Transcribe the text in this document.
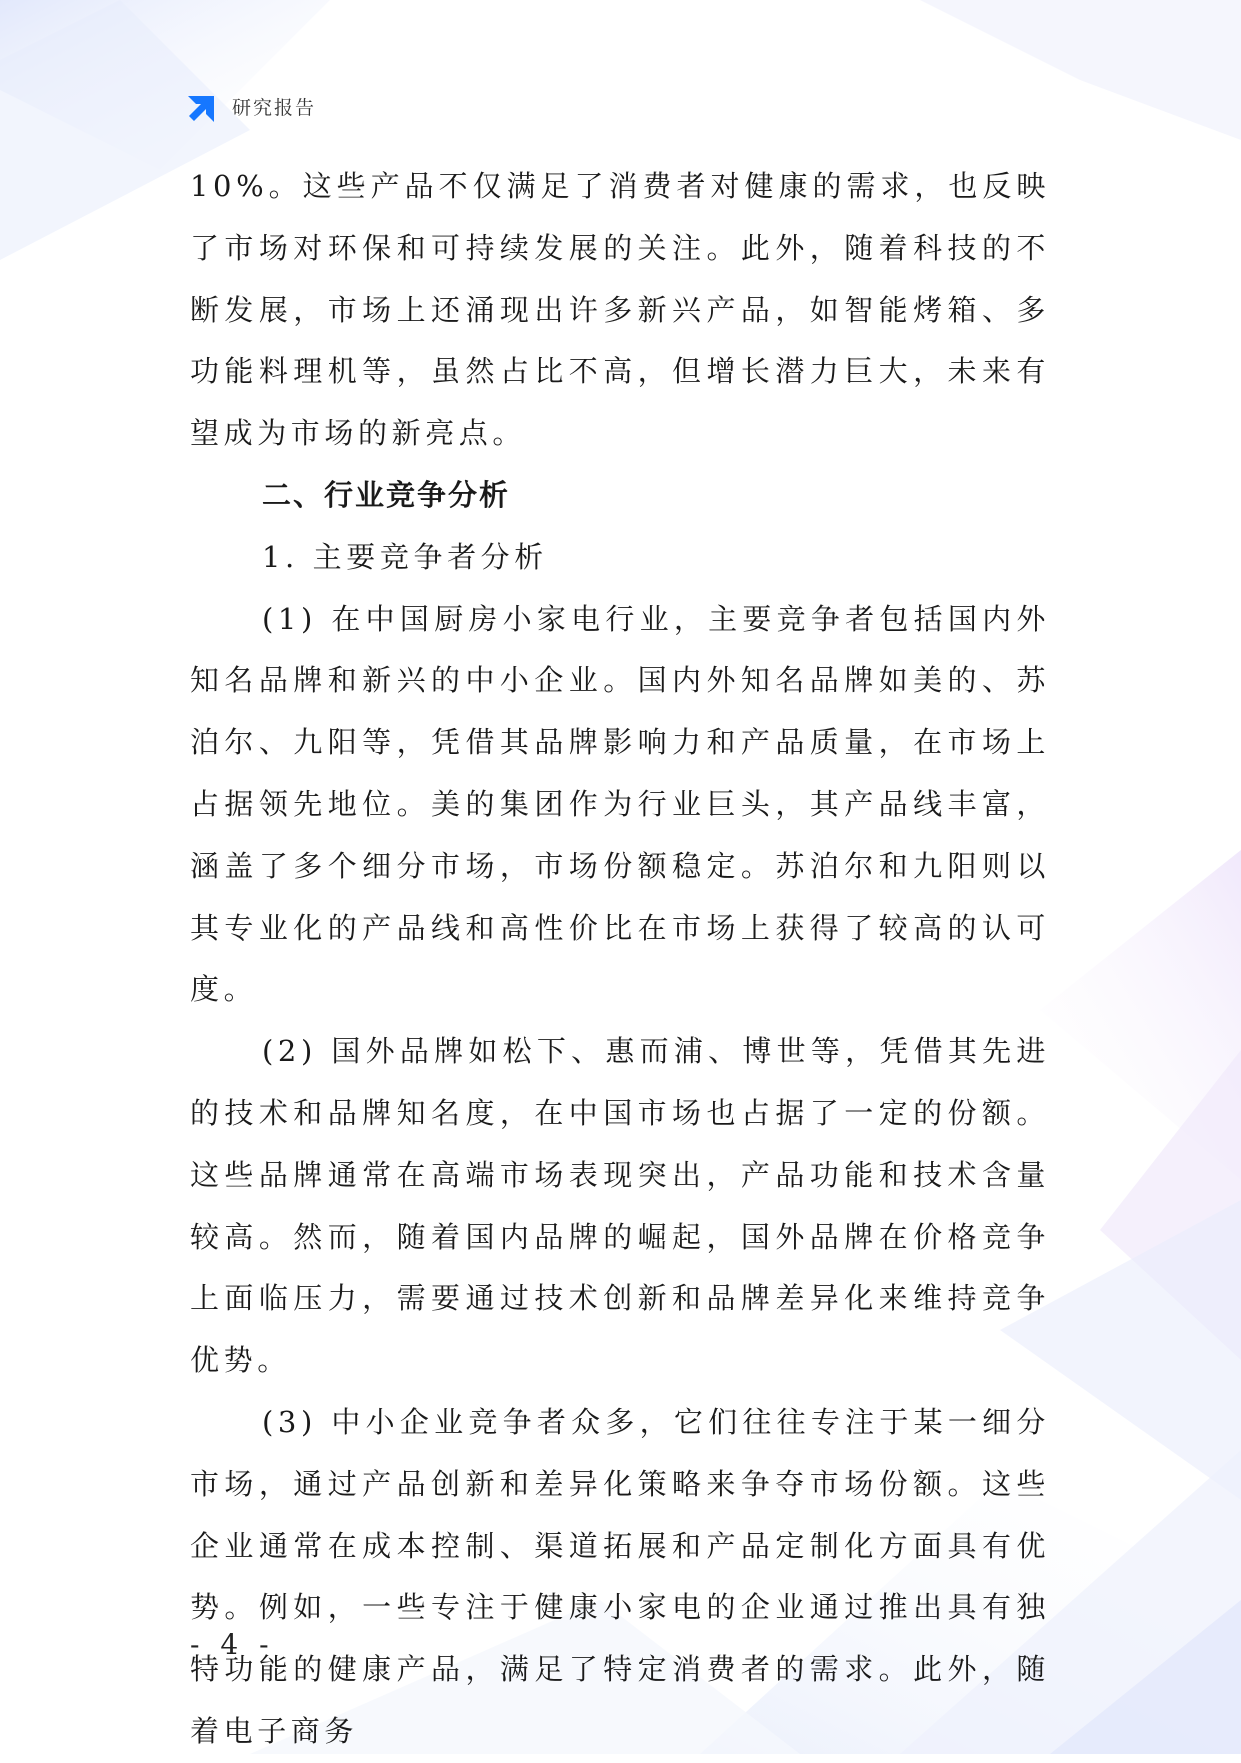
研究报告

10%。这些产品不仅满足了消费者对健康的需求，也反映了市场对环保和可持续发展的关注。此外，随着科技的不断发展，市场上还涌现出许多新兴产品，如智能烤箱、多功能料理机等，虽然占比不高，但增长潜力巨大，未来有望成为市场的新亮点。

二、行业竞争分析

1. 主要竞争者分析

(1) 在中国厨房小家电行业，主要竞争者包括国内外知名品牌和新兴的中小企业。国内外知名品牌如美的、苏泊尔、九阳等，凭借其品牌影响力和产品质量，在市场上占据领先地位。美的集团作为行业巨头，其产品线丰富，涵盖了多个细分市场，市场份额稳定。苏泊尔和九阳则以其专业化的产品线和高性价比在市场上获得了较高的认可度。

(2) 国外品牌如松下、惠而浦、博世等，凭借其先进的技术和品牌知名度，在中国市场也占据了一定的份额。这些品牌通常在高端市场表现突出，产品功能和技术含量较高。然而，随着国内品牌的崛起，国外品牌在价格竞争上面临压力，需要通过技术创新和品牌差异化来维持竞争优势。

(3) 中小企业竞争者众多，它们往往专注于某一细分市场，通过产品创新和差异化策略来争夺市场份额。这些企业通常在成本控制、渠道拓展和产品定制化方面具有优势。例如，一些专注于健康小家电的企业通过推出具有独特功能的健康产品，满足了特定消费者的需求。此外，随着电子商务

- 4 -
